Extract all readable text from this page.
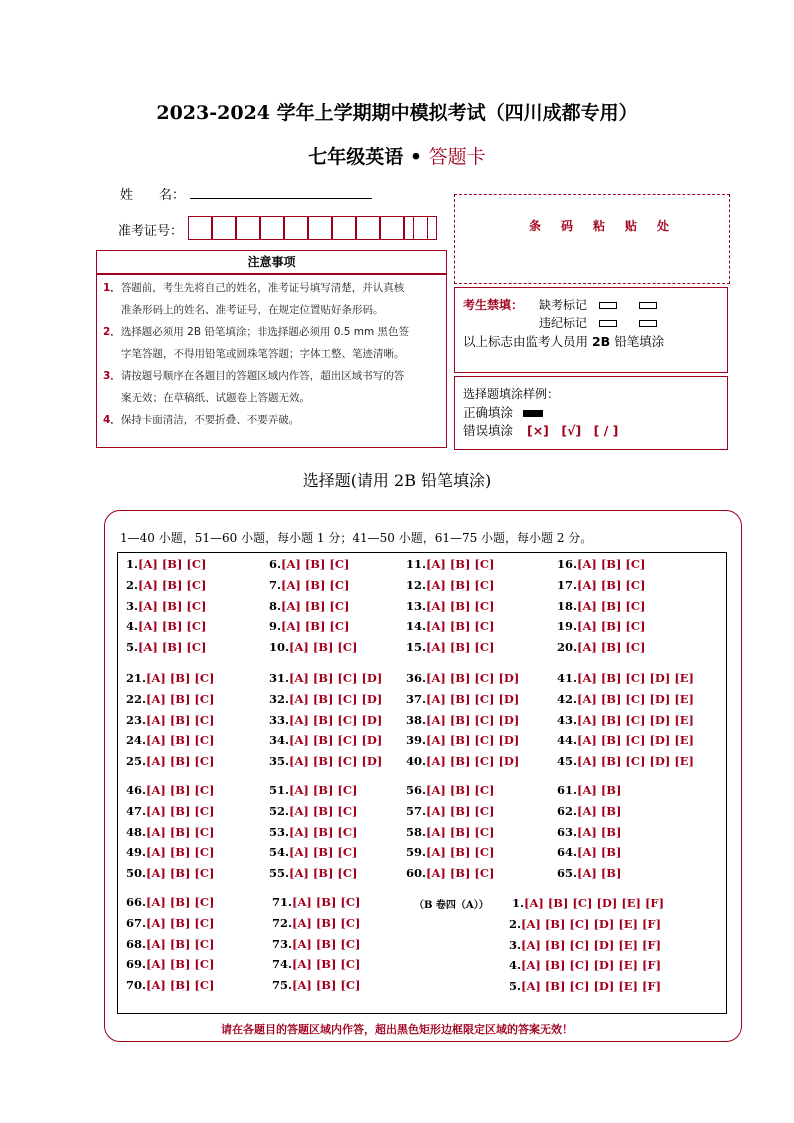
2023-2024 学年上学期期中模拟考试（四川成都专用）
七年级英语 • 答题卡
姓　　名：
准考证号：	条码粘贴处
注意事项
1．答题前，考生先将自己的姓名，准考证号填写清楚，并认真核
准条形码上的姓名、准考证号，在规定位置贴好条形码。
2．选择题必须用 2B 铅笔填涂；非选择题必须用 0.5 mm 黑色签
字笔答题，不得用铅笔或圆珠笔答题；字体工整、笔迹清晰。
3．请按题号顺序在各题目的答题区域内作答，超出区域书写的答
案无效；在草稿纸、试题卷上答题无效。
4．保持卡面清洁，不要折叠、不要弄破。
考生禁填： 缺考标记
违纪标记
以上标志由监考人员用 2B 铅笔填涂
选择题填涂样例：
正确填涂
错误填涂 [×]　[√]　[ / ]
选择题(请用 2B 铅笔填涂)
1—40 小题，51—60 小题，每小题 1 分；41—50 小题，61—75 小题，每小题 2 分。
请在各题目的答题区域内作答，超出黑色矩形边框限定区域的答案无效！
1.[A] [B] [C]	6.[A] [B] [C]	11.[A] [B] [C]	16.[A] [B] [C]
2.[A] [B] [C]	7.[A] [B] [C]	12.[A] [B] [C]	17.[A] [B] [C]
3.[A] [B] [C]	8.[A] [B] [C]	13.[A] [B] [C]	18.[A] [B] [C]
4.[A] [B] [C]	9.[A] [B] [C]	14.[A] [B] [C]	19.[A] [B] [C]
5.[A] [B] [C]	10.[A] [B] [C]	15.[A] [B] [C]	20.[A] [B] [C]
21.[A] [B] [C]	31.[A] [B] [C] [D] 36.[A] [B] [C] [D]	41.[A] [B] [C] [D] [E]
22.[A] [B] [C]	32.[A] [B] [C] [D] 37.[A] [B] [C] [D]	42.[A] [B] [C] [D] [E]
23.[A] [B] [C]	33.[A] [B] [C] [D] 38.[A] [B] [C] [D]	43.[A] [B] [C] [D] [E]
24.[A] [B] [C]	34.[A] [B] [C] [D] 39.[A] [B] [C] [D]	44.[A] [B] [C] [D] [E]
25.[A] [B] [C]	35.[A] [B] [C] [D] 40.[A] [B] [C] [D]	45.[A] [B] [C] [D] [E]
46.[A] [B] [C]	51.[A] [B] [C]	56.[A] [B] [C]	61.[A] [B]
47.[A] [B] [C]	52.[A] [B] [C]	57.[A] [B] [C]	62.[A] [B]
48.[A] [B] [C]	53.[A] [B] [C]	58.[A] [B] [C]	63.[A] [B]
49.[A] [B] [C]	54.[A] [B] [C]	59.[A] [B] [C]	64.[A] [B]
50.[A] [B] [C]	55.[A] [B] [C]	60.[A] [B] [C]	65.[A] [B]
66.[A] [B] [C]	71.[A] [B] [C]
67.[A] [B] [C]	72.[A] [B] [C]
68.[A] [B] [C]	73.[A] [B] [C]
69.[A] [B] [C]	74.[A] [B] [C]
70.[A] [B] [C]	75.[A] [B] [C]
（B 卷四（A）） 1.[A] [B] [C] [D] [E] [F]
2.[A] [B] [C] [D] [E] [F]
3.[A] [B] [C] [D] [E] [F]
4.[A] [B] [C] [D] [E] [F]
5.[A] [B] [C] [D] [E] [F]
